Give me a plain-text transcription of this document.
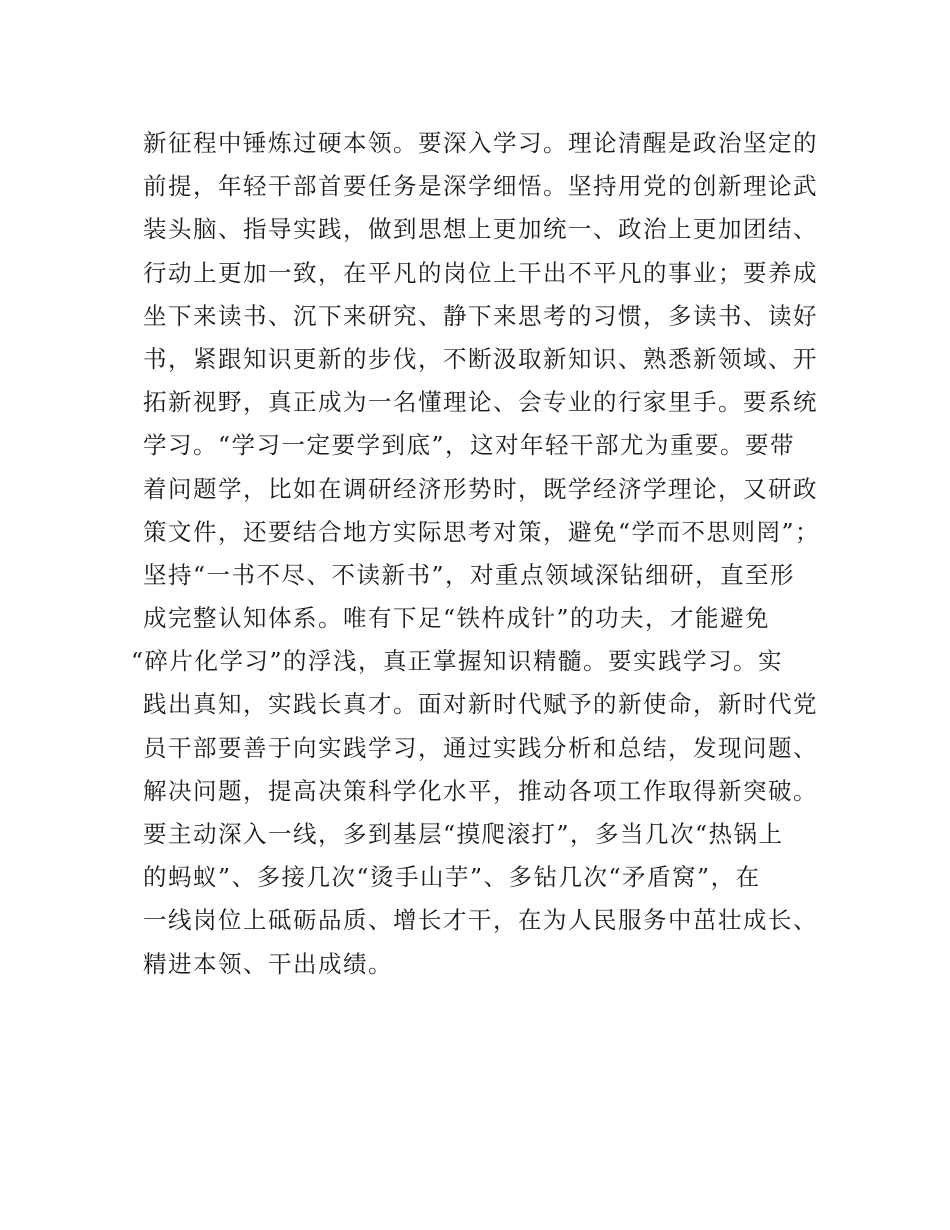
新征程中锤炼过硬本领。要深入学习。理论清醒是政治坚定的
前提，年轻干部首要任务是深学细悟。坚持用党的创新理论武
装头脑、指导实践，做到思想上更加统一、政治上更加团结、
行动上更加一致，在平凡的岗位上干出不平凡的事业；要养成
坐下来读书、沉下来研究、静下来思考的习惯，多读书、读好
书，紧跟知识更新的步伐，不断汲取新知识、熟悉新领域、开
拓新视野，真正成为一名懂理论、会专业的行家里手。要系统
学习。“学习一定要学到底”，这对年轻干部尤为重要。要带
着问题学，比如在调研经济形势时，既学经济学理论，又研政
策文件，还要结合地方实际思考对策，避免“学而不思则罔”；
坚持“一书不尽、不读新书”，对重点领域深钻细研，直至形
成完整认知体系。唯有下足“铁杵成针”的功夫，才能避免
“碎片化学习”的浮浅，真正掌握知识精髓。要实践学习。实
践出真知，实践长真才。面对新时代赋予的新使命，新时代党
员干部要善于向实践学习，通过实践分析和总结，发现问题、
解决问题，提高决策科学化水平，推动各项工作取得新突破。
要主动深入一线，多到基层“摸爬滚打”，多当几次“热锅上
的蚂蚁”、多接几次“烫手山芋”、多钻几次“矛盾窝”，在
一线岗位上砥砺品质、增长才干，在为人民服务中茁壮成长、
精进本领、干出成绩。
